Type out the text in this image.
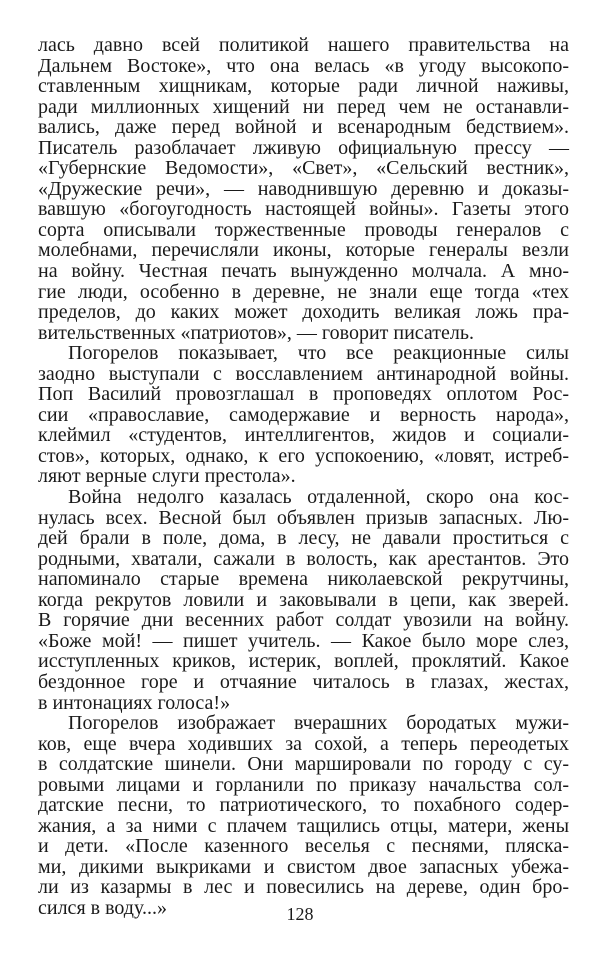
лась давно всей политикой нашего правительства на
Дальнем Востоке», что она велась «в угоду высокопо-
ставленным хищникам, которые ради личной наживы,
ради миллионных хищений ни перед чем не останавли-
вались, даже перед войной и всенародным бедствием».
Писатель разоблачает лживую официальную прессу —
«Губернские Ведомости», «Свет», «Сельский вестник»,
«Дружеские речи», — наводнившую деревню и доказы-
вавшую «богоугодность настоящей войны». Газеты этого
сорта описывали торжественные проводы генералов с
молебнами, перечисляли иконы, которые генералы везли
на войну. Честная печать вынужденно молчала. А мно-
гие люди, особенно в деревне, не знали еще тогда «тех
пределов, до каких может доходить великая ложь пра-
вительственных «патриотов», — говорит писатель.
Погорелов показывает, что все реакционные силы
заодно выступали с восславлением антинародной войны.
Поп Василий провозглашал в проповедях оплотом Рос-
сии «православие, самодержавие и верность народа»,
клеймил «студентов, интеллигентов, жидов и социали-
стов», которых, однако, к его успокоению, «ловят, истреб-
ляют верные слуги престола».
Война недолго казалась отдаленной, скоро она кос-
нулась всех. Весной был объявлен призыв запасных. Лю-
дей брали в поле, дома, в лесу, не давали проститься с
родными, хватали, сажали в волость, как арестантов. Это
напоминало старые времена николаевской рекрутчины,
когда рекрутов ловили и заковывали в цепи, как зверей.
В горячие дни весенних работ солдат увозили на войну.
«Боже мой! — пишет учитель. — Какое было море слез,
исступленных криков, истерик, воплей, проклятий. Какое
бездонное горе и отчаяние читалось в глазах, жестах,
в интонациях голоса!»
Погорелов изображает вчерашних бородатых мужи-
ков, еще вчера ходивших за сохой, а теперь переодетых
в солдатские шинели. Они маршировали по городу с су-
ровыми лицами и горланили по приказу начальства сол-
датские песни, то патриотического, то похабного содер-
жания, а за ними с плачем тащились отцы, матери, жены
и дети. «После казенного веселья с песнями, пляска-
ми, дикими выкриками и свистом двое запасных убежа-
ли из казармы в лес и повесились на дереве, один бро-
сился в воду...»	128
